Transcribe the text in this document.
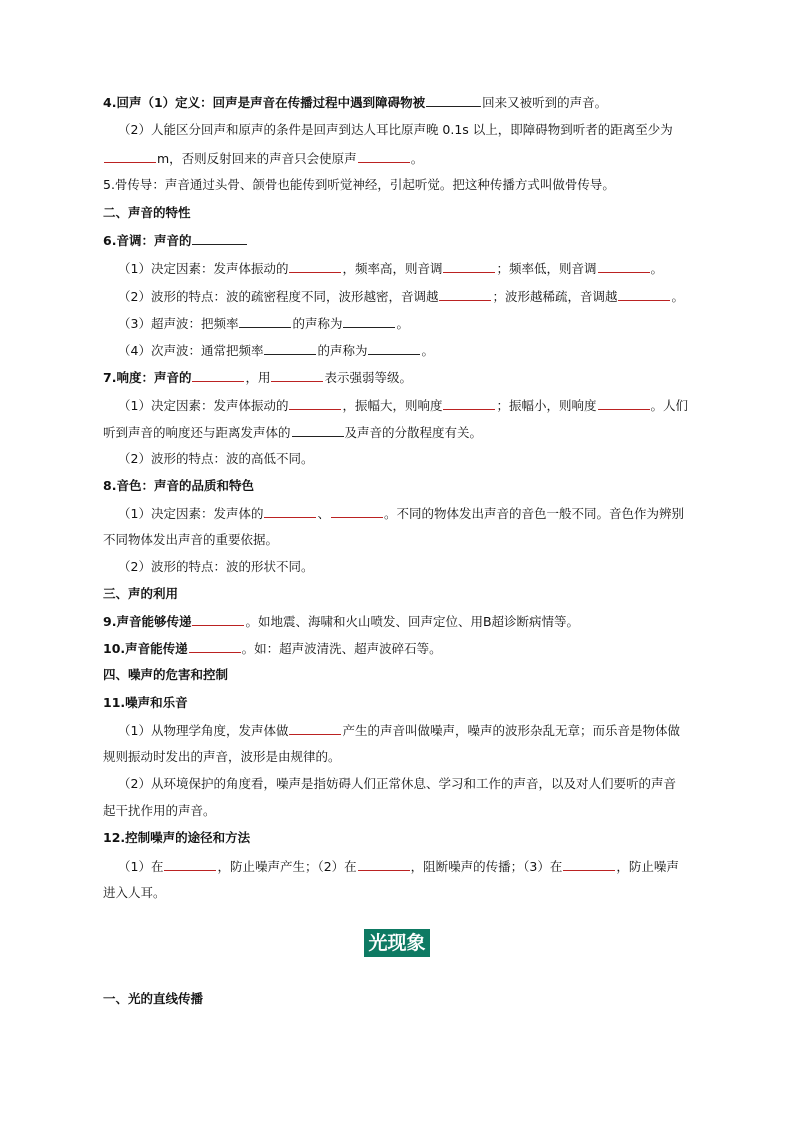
4.回声（1）定义：回声是声音在传播过程中遇到障碍物被	回来又被听到的声音。
（2）人能区分回声和原声的条件是回声到达人耳比原声晚 0.1s 以上，即障碍物到听者的距离至少为
m，否则反射回来的声音只会使原声	。
5.骨传导：声音通过头骨、颌骨也能传到听觉神经，引起听觉。把这种传播方式叫做骨传导。
二、声音的特性
6.音调：声音的
（1）决定因素：发声体振动的	，频率高，则音调	；频率低，则音调	。
（2）波形的特点：波的疏密程度不同，波形越密，音调越	；波形越稀疏，音调越	。
（3）超声波：把频率	的声称为	。
（4）次声波：通常把频率	的声称为	。
7.响度：声音的	，用	表示强弱等级。
（1）决定因素：发声体振动的	，振幅大，则响度	；振幅小，则响度	。人们
听到声音的响度还与距离发声体的	及声音的分散程度有关。
（2）波形的特点：波的高低不同。
8.音色：声音的品质和特色
（1）决定因素：发声体的	、	。不同的物体发出声音的音色一般不同。音色作为辨别
不同物体发出声音的重要依据。
（2）波形的特点：波的形状不同。
三、声的利用
9.声音能够传递	。如地震、海啸和火山喷发、回声定位、用B超诊断病情等。
10.声音能传递	。如：超声波清洗、超声波碎石等。
四、噪声的危害和控制
11.噪声和乐音
（1）从物理学角度，发声体做	产生的声音叫做噪声，噪声的波形杂乱无章；而乐音是物体做
规则振动时发出的声音，波形是由规律的。
（2）从环境保护的角度看，噪声是指妨碍人们正常休息、学习和工作的声音，以及对人们要听的声音
起干扰作用的声音。
12.控制噪声的途径和方法
（1）在	，防止噪声产生；（2）在	，阻断噪声的传播；（3）在	，防止噪声
进入人耳。
光现象
一、光的直线传播
